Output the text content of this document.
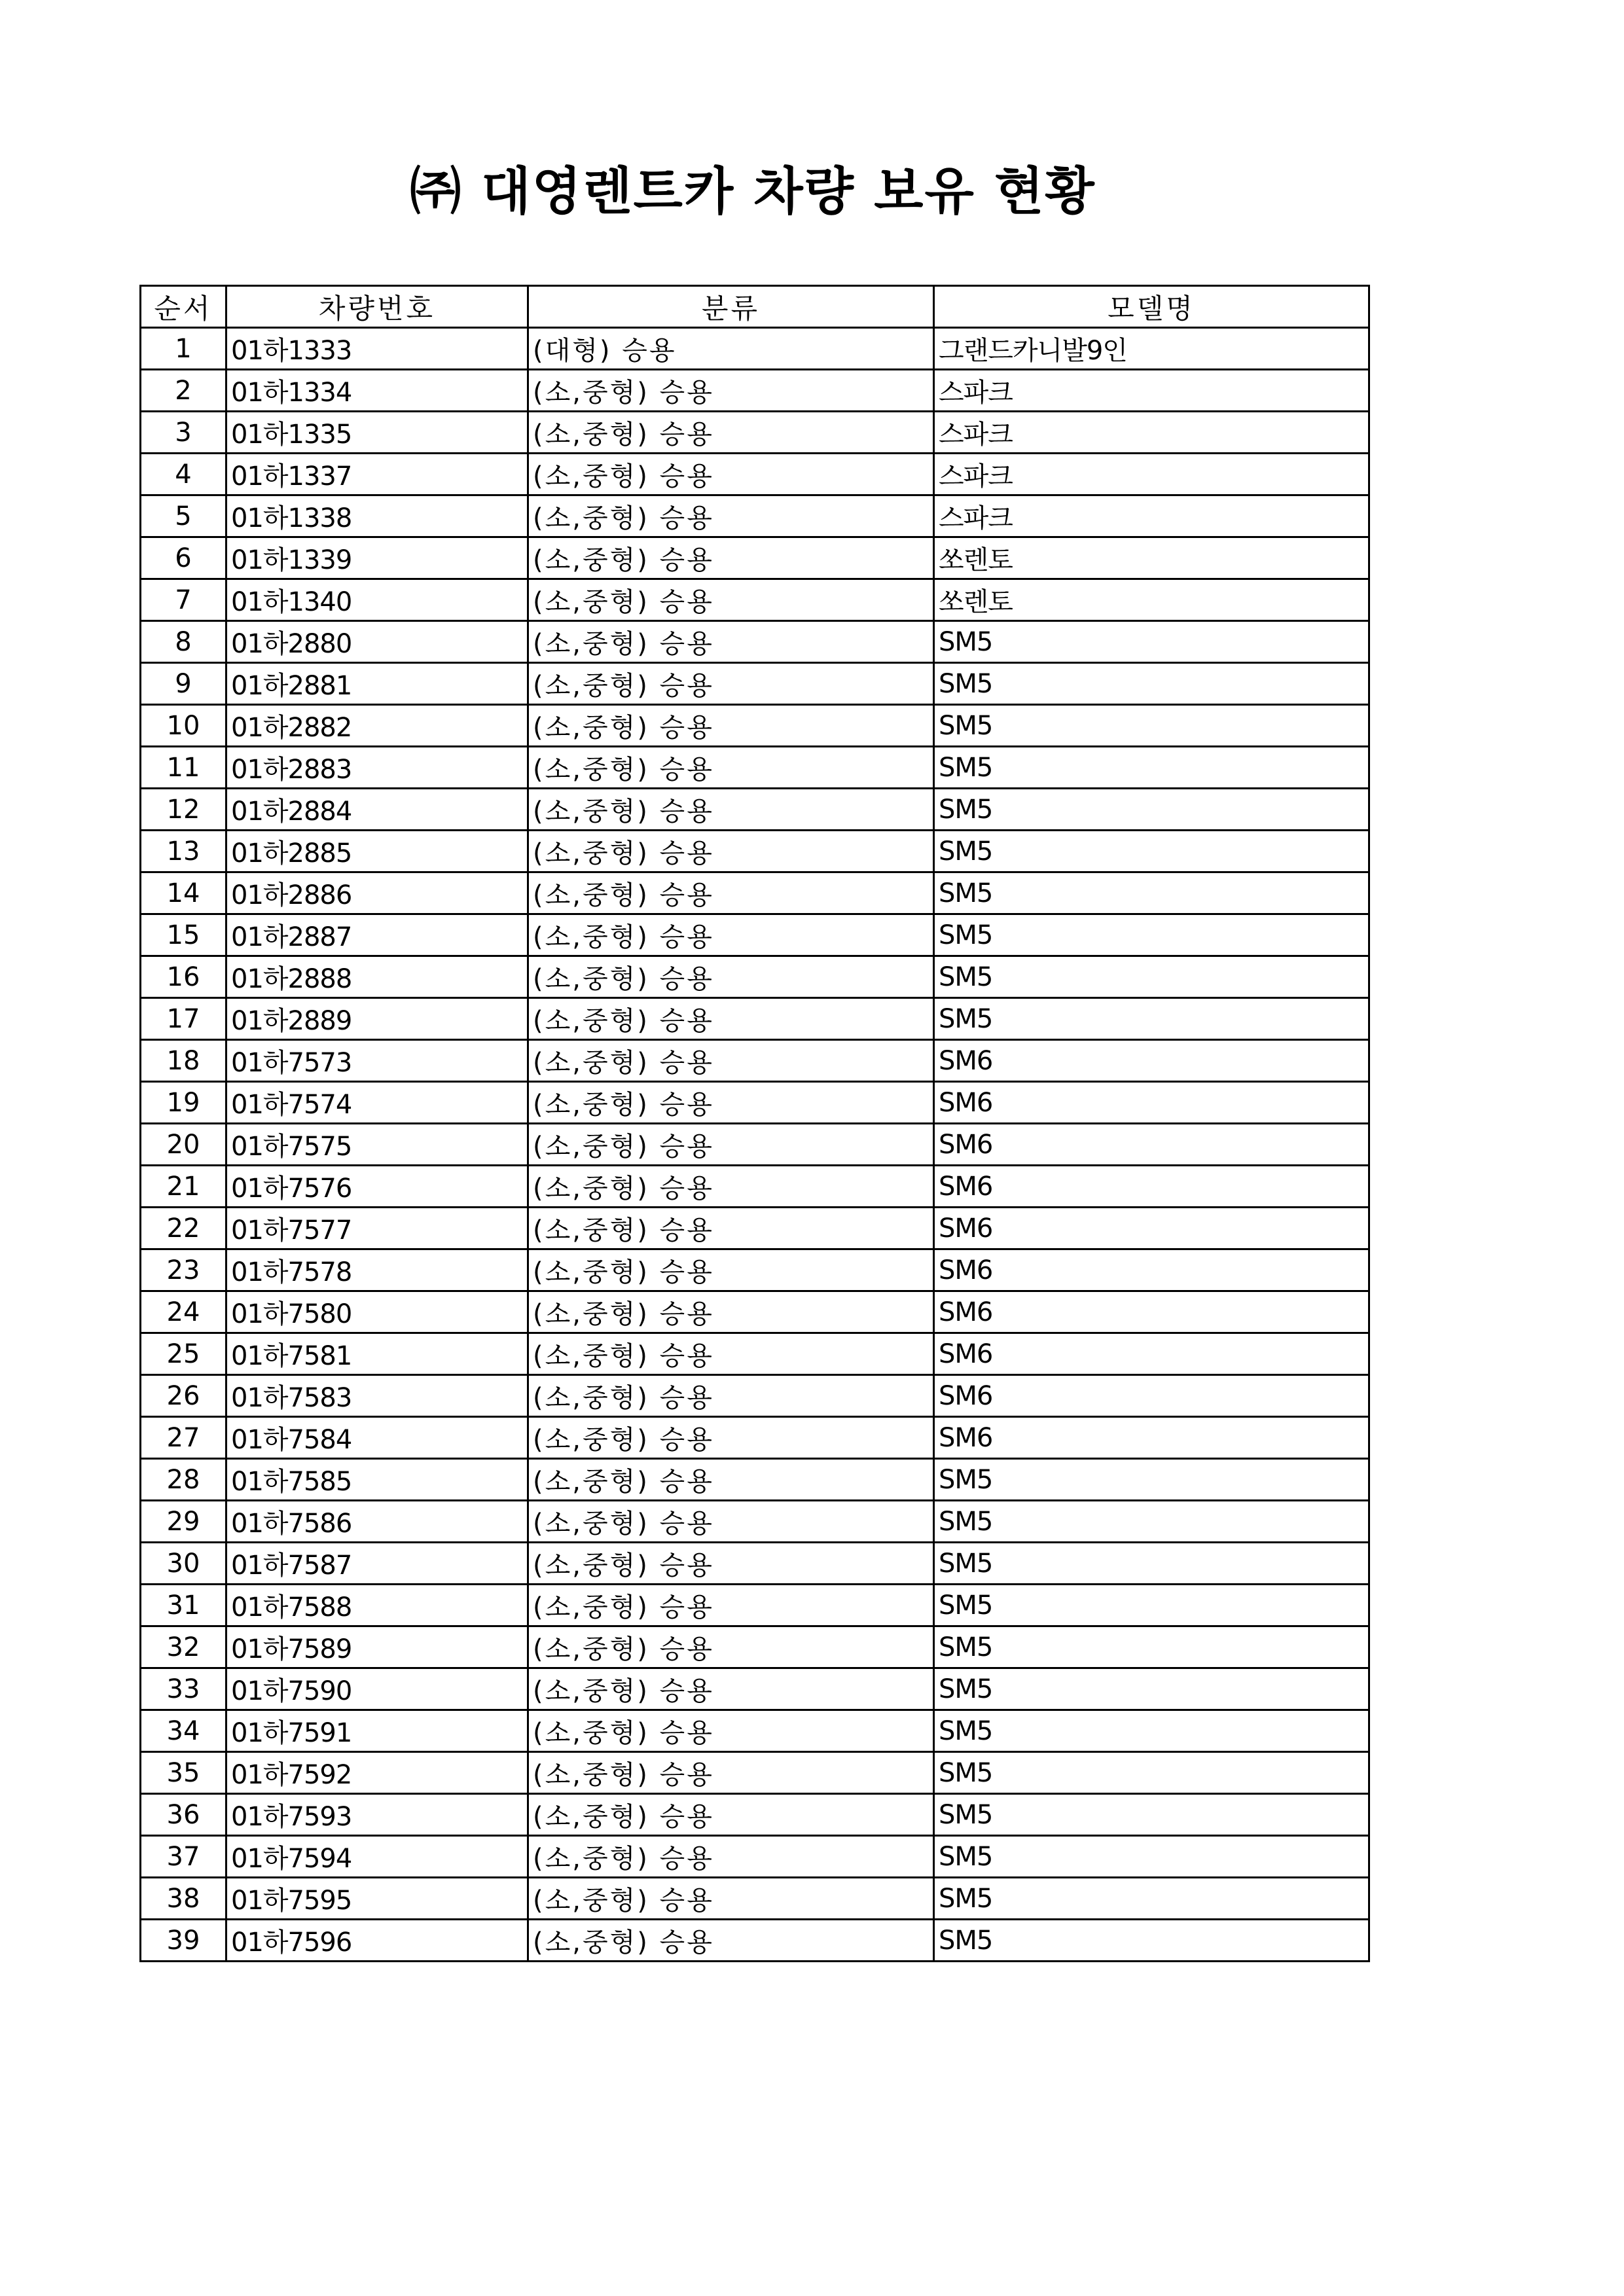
㈜ 대영렌트카 차량 보유 현황
순서	차량번호	분류	모델명
1	01하1333	(대형) 승용	그랜드카니발9인
2	01하1334	(소,중형) 승용	스파크
3	01하1335	(소,중형) 승용	스파크
4	01하1337	(소,중형) 승용	스파크
5	01하1338	(소,중형) 승용	스파크
6	01하1339	(소,중형) 승용	쏘렌토
7	01하1340	(소,중형) 승용	쏘렌토
8	01하2880	(소,중형) 승용	SM5
9	01하2881	(소,중형) 승용	SM5
10	01하2882	(소,중형) 승용	SM5
11	01하2883	(소,중형) 승용	SM5
12	01하2884	(소,중형) 승용	SM5
13	01하2885	(소,중형) 승용	SM5
14	01하2886	(소,중형) 승용	SM5
15	01하2887	(소,중형) 승용	SM5
16	01하2888	(소,중형) 승용	SM5
17	01하2889	(소,중형) 승용	SM5
18	01하7573	(소,중형) 승용	SM6
19	01하7574	(소,중형) 승용	SM6
20	01하7575	(소,중형) 승용	SM6
21	01하7576	(소,중형) 승용	SM6
22	01하7577	(소,중형) 승용	SM6
23	01하7578	(소,중형) 승용	SM6
24	01하7580	(소,중형) 승용	SM6
25	01하7581	(소,중형) 승용	SM6
26	01하7583	(소,중형) 승용	SM6
27	01하7584	(소,중형) 승용	SM6
28	01하7585	(소,중형) 승용	SM5
29	01하7586	(소,중형) 승용	SM5
30	01하7587	(소,중형) 승용	SM5
31	01하7588	(소,중형) 승용	SM5
32	01하7589	(소,중형) 승용	SM5
33	01하7590	(소,중형) 승용	SM5
34	01하7591	(소,중형) 승용	SM5
35	01하7592	(소,중형) 승용	SM5
36	01하7593	(소,중형) 승용	SM5
37	01하7594	(소,중형) 승용	SM5
38	01하7595	(소,중형) 승용	SM5
39	01하7596	(소,중형) 승용	SM5
